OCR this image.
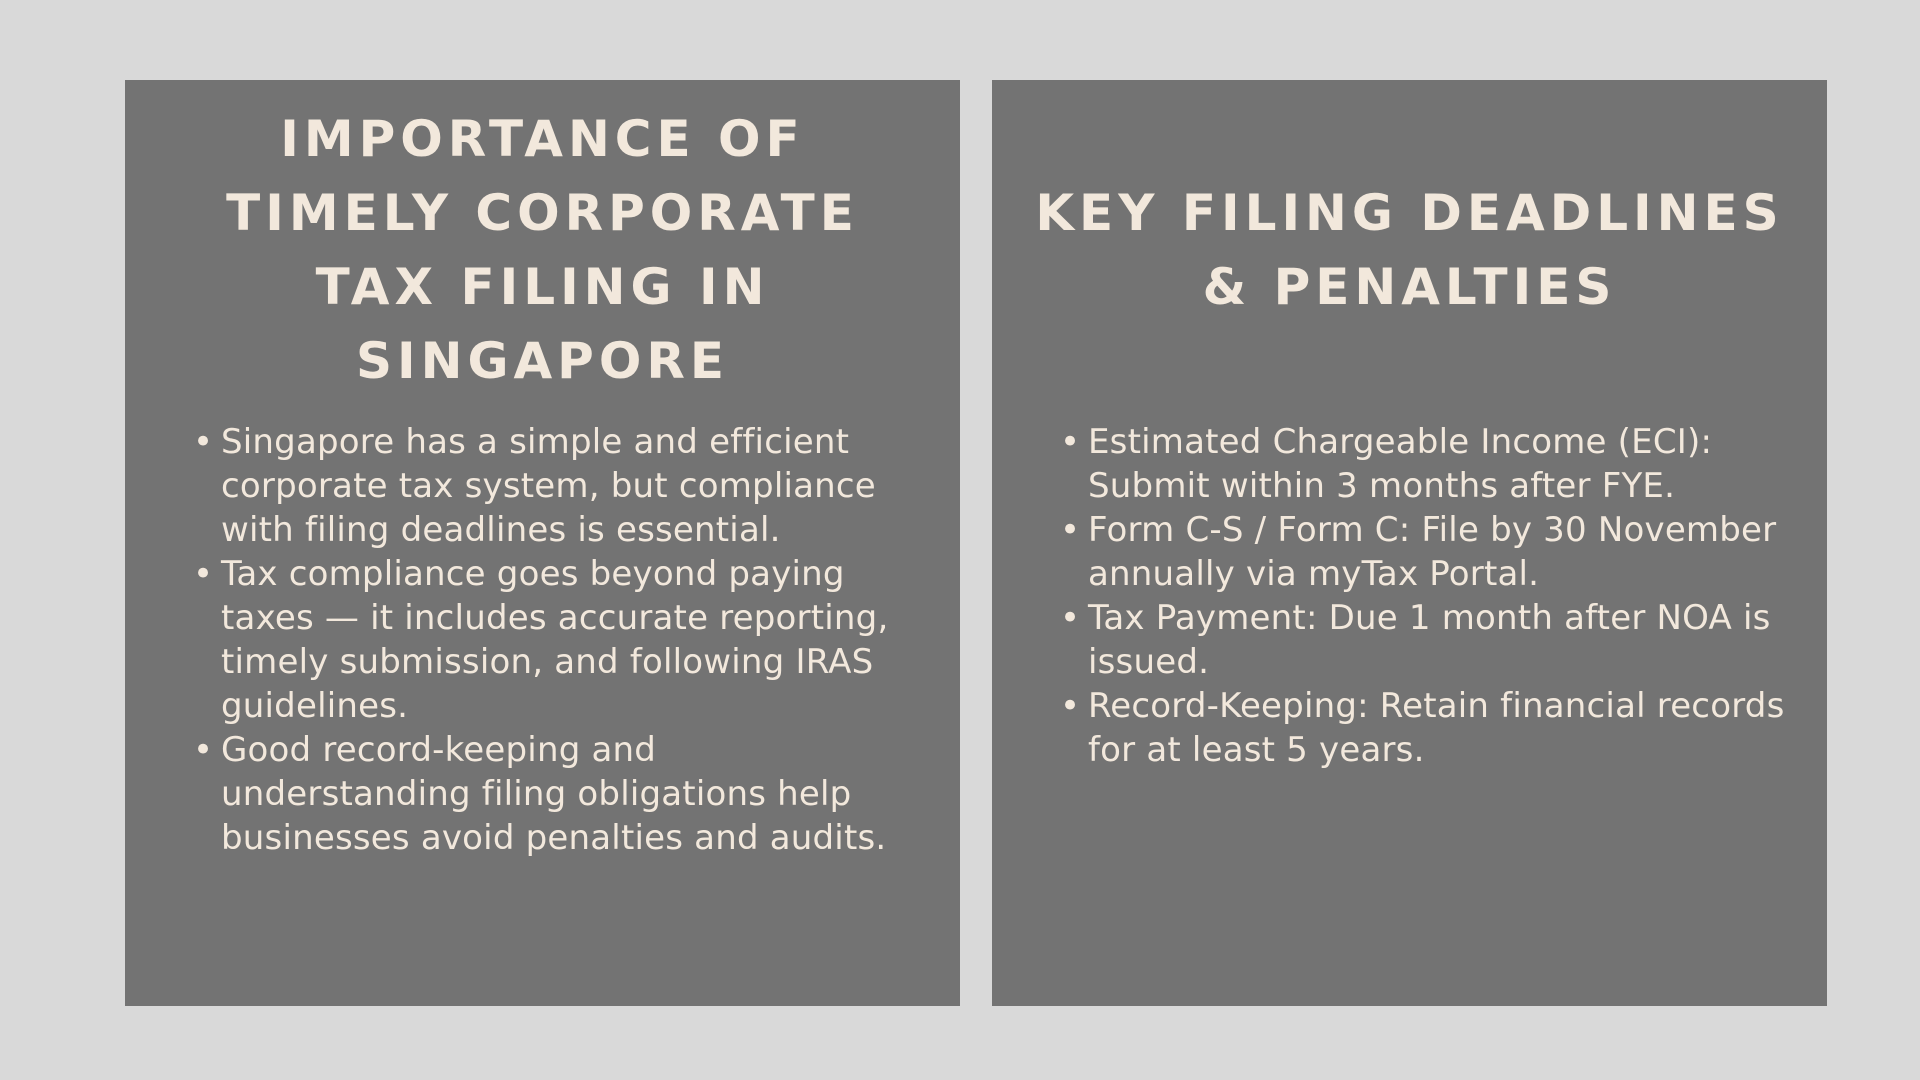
IMPORTANCE OF TIMELY CORPORATE TAX FILING IN SINGAPORE
• Singapore has a simple and efficient corporate tax system, but compliance with filing deadlines is essential.
• Tax compliance goes beyond paying taxes — it includes accurate reporting, timely submission, and following IRAS guidelines.
• Good record-keeping and understanding filing obligations help businesses avoid penalties and audits.
KEY FILING DEADLINES & PENALTIES
• Estimated Chargeable Income (ECI): Submit within 3 months after FYE.
• Form C-S / Form C: File by 30 November annually via myTax Portal.
• Tax Payment: Due 1 month after NOA is issued.
• Record-Keeping: Retain financial records for at least 5 years.
